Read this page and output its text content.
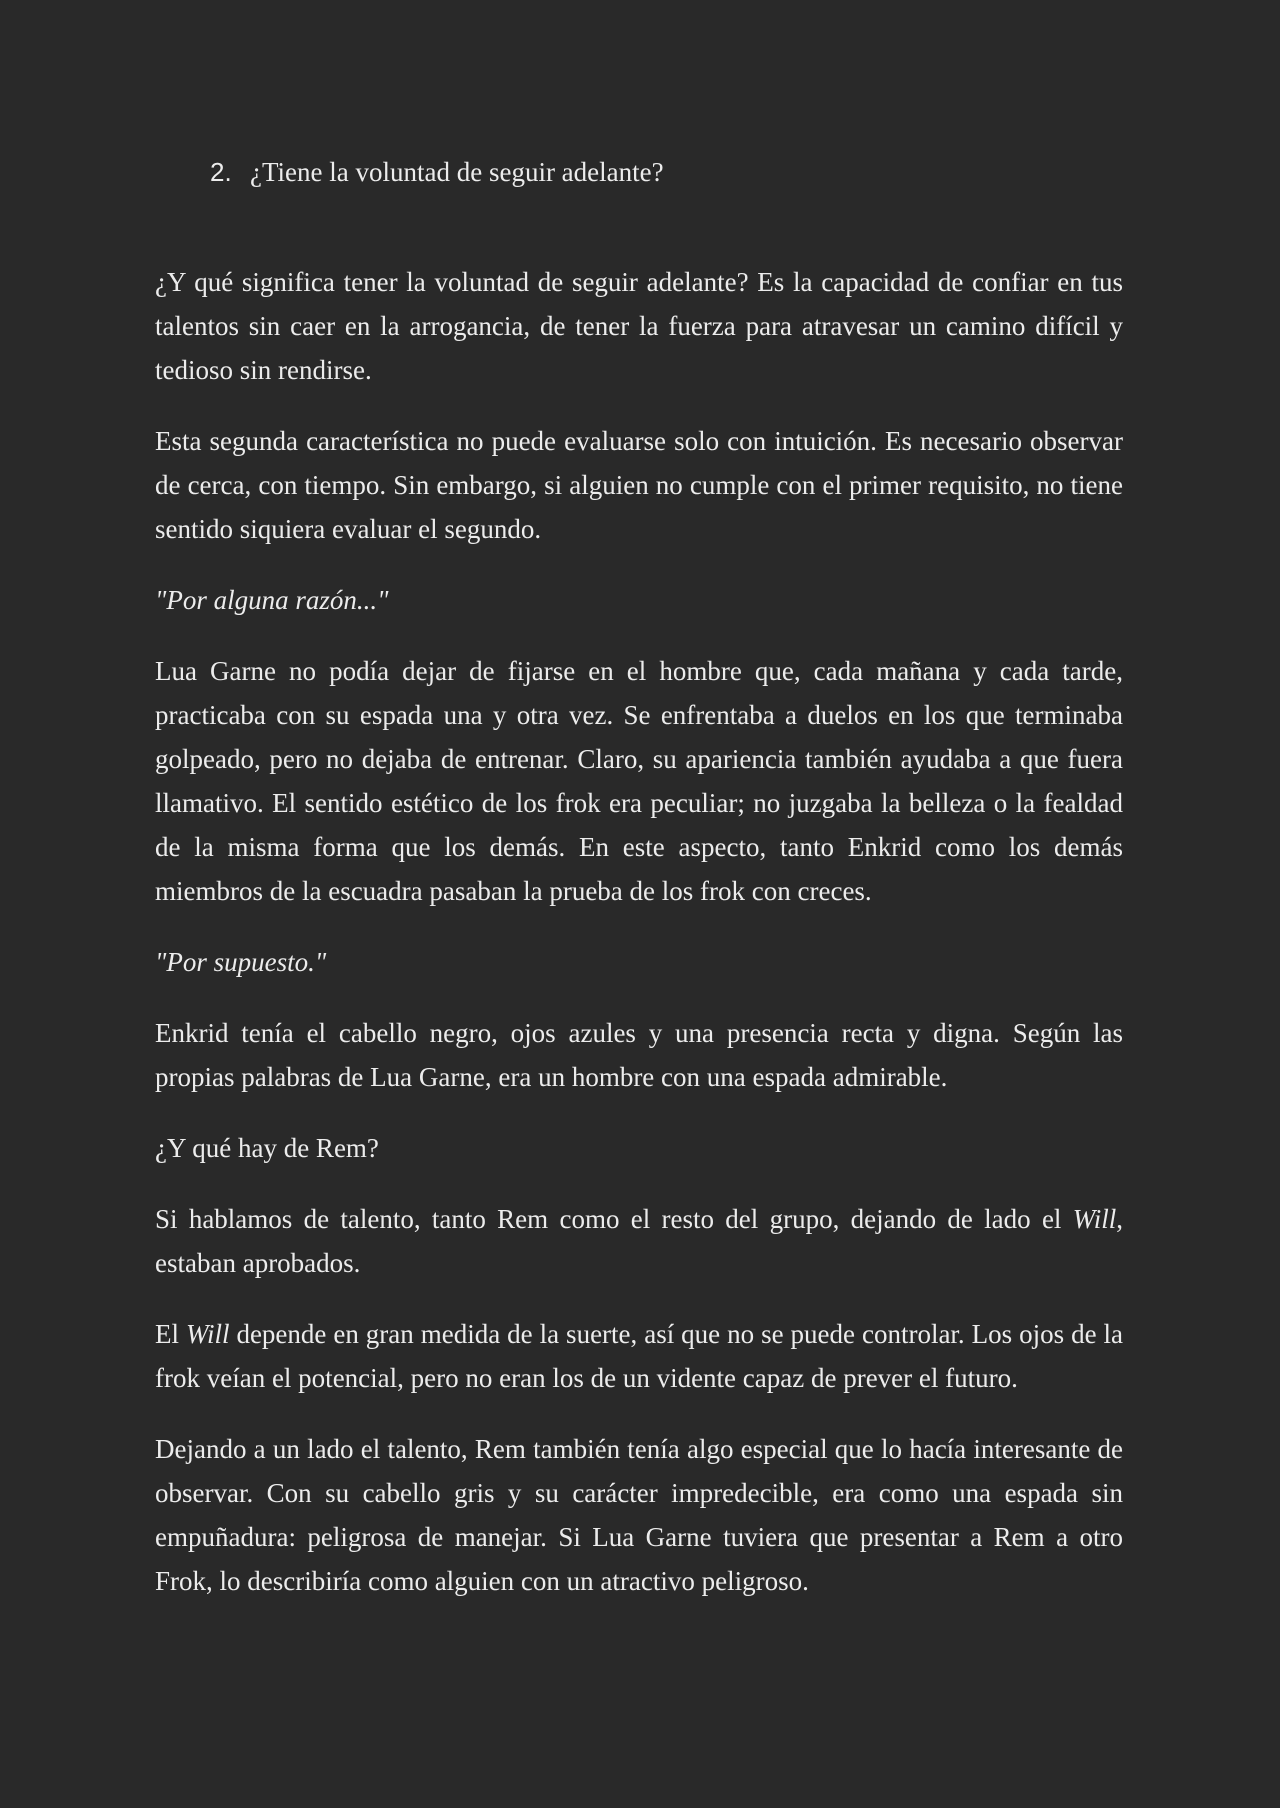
2. ¿Tiene la voluntad de seguir adelante?

¿Y qué significa tener la voluntad de seguir adelante? Es la capacidad de confiar en tus talentos sin caer en la arrogancia, de tener la fuerza para atravesar un camino difícil y tedioso sin rendirse.

Esta segunda característica no puede evaluarse solo con intuición. Es necesario observar de cerca, con tiempo. Sin embargo, si alguien no cumple con el primer requisito, no tiene sentido siquiera evaluar el segundo.

"Por alguna razón..."

Lua Garne no podía dejar de fijarse en el hombre que, cada mañana y cada tarde, practicaba con su espada una y otra vez. Se enfrentaba a duelos en los que terminaba golpeado, pero no dejaba de entrenar. Claro, su apariencia también ayudaba a que fuera llamativo. El sentido estético de los frok era peculiar; no juzgaba la belleza o la fealdad de la misma forma que los demás. En este aspecto, tanto Enkrid como los demás miembros de la escuadra pasaban la prueba de los frok con creces.

"Por supuesto."

Enkrid tenía el cabello negro, ojos azules y una presencia recta y digna. Según las propias palabras de Lua Garne, era un hombre con una espada admirable.

¿Y qué hay de Rem?

Si hablamos de talento, tanto Rem como el resto del grupo, dejando de lado el Will, estaban aprobados.

El Will depende en gran medida de la suerte, así que no se puede controlar. Los ojos de la frok veían el potencial, pero no eran los de un vidente capaz de prever el futuro.

Dejando a un lado el talento, Rem también tenía algo especial que lo hacía interesante de observar. Con su cabello gris y su carácter impredecible, era como una espada sin empuñadura: peligrosa de manejar. Si Lua Garne tuviera que presentar a Rem a otro Frok, lo describiría como alguien con un atractivo peligroso.
